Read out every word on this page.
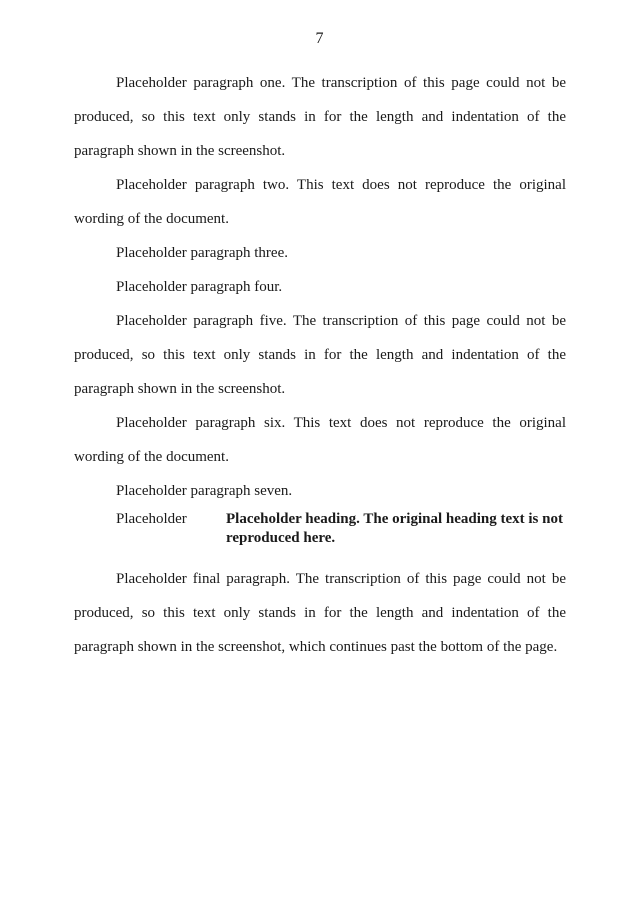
7

Placeholder paragraph one. The transcription of this page could not be produced, so this text only stands in for the length and indentation of the paragraph shown in the screenshot.

Placeholder paragraph two. This text does not reproduce the original wording of the document.

Placeholder paragraph three.

Placeholder paragraph four.

Placeholder paragraph five. The transcription of this page could not be produced, so this text only stands in for the length and indentation of the paragraph shown in the screenshot.

Placeholder paragraph six. This text does not reproduce the original wording of the document.

Placeholder paragraph seven.

Placeholder	Placeholder heading. The original heading text is not reproduced here.

Placeholder final paragraph. The transcription of this page could not be produced, so this text only stands in for the length and indentation of the paragraph shown in the screenshot, which continues past the bottom of the page.
